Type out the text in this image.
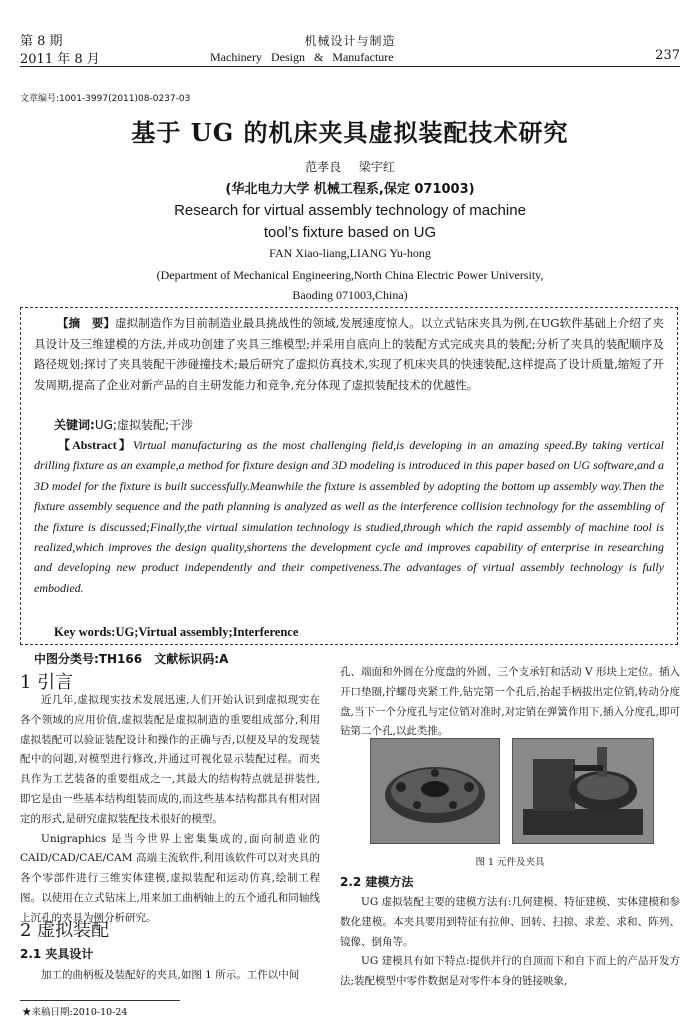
第 8 期
2011 年 8 月
机械设计与制造
Machinery Design & Manufacture	237
文章编号:1001-3997(2011)08-0237-03
基于 UG 的机床夹具虚拟装配技术研究
范孝良 梁宇红
(华北电力大学 机械工程系,保定 071003)
Research for virtual assembly technology of machine
tool’s fixture based on UG
FAN Xiao-liang,LIANG Yu-hong
(Department of Mechanical Engineering,North China Electric Power University,
Baoding 071003,China)
【摘　要】虚拟制造作为目前制造业最具挑战性的领域,发展速度惊人。以立式钻床夹具为例,在UG软件基础上介绍了夹具设计及三维建模的方法,并成功创建了夹具三维模型;并采用自底向上的装配方式完成夹具的装配;分析了夹具的装配顺序及路径规划;探讨了夹具装配干涉碰撞技术;最后研究了虚拟仿真技术,实现了机床夹具的快速装配,这样提高了设计质量,缩短了开发周期,提高了企业对新产品的自主研发能力和竞争,充分体现了虚拟装配技术的优越性。
关键词:UG;虚拟装配;干涉
【Abstract】Virtual manufacturing as the most challenging field,is developing in an amazing speed.By taking vertical drilling fixture as an example,a method for fixture design and 3D modeling is introduced in this paper based on UG software,and a 3D model for the fixture is built successfully.Meanwhile the fixture is assembled by adopting the bottom up assembly way.Then the fixture assembly sequence and the path planning is analyzed as well as the interference collision technology for the assembling of the fixture is discussed;Finally,the virtual simulation technology is studied,through which the rapid assembly of machine tool is realized,which improves the design quality,shortens the development cycle and improves capability of enterprise in researching and developing new product independently and their competiveness.The advantages of virtual assembly technology is fully embodied.
Key words:UG;Virtual assembly;Interference
中图分类号:TH166 文献标识码:A
1 引言

近几年,虚拟现实技术发展迅速,人们开始认识到虚拟现实在各个领域的应用价值,虚拟装配是虚拟制造的重要组成部分,利用虚拟装配可以验证装配设计和操作的正确与否,以便及早的发现装配中的问题,对模型进行修改,并通过可视化显示装配过程。而夹具作为工艺装备的重要组成之一,其最大的结构特点就是拼装性,即它是由一些基本结构组装而成的,而这些基本结构都具有相对固定的形式,是研究虚拟装配技术很好的模型。

Unigraphics 是当今世界上密集集成的,面向制造业的 CAID/CAD/CAE/CAM 高端主流软件,利用该软件可以对夹具的各个零部件进行三维实体建模,虚拟装配和运动仿真,绘制工程图。以使用在立式钻床上,用来加工曲柄轴上的五个通孔和同轴线上沉孔的夹具为例分析研究。

2 虚拟装配
2.1 夹具设计

加工的曲柄板及装配好的夹具,如图 1 所示。工件以中间

孔、端面和外圆在分度盘的外圆、三个支承钉和活动 V 形块上定位。插入开口垫圈,拧螺母夹紧工件,钻完第一个孔后,抬起手柄拔出定位销,转动分度盘,当下一个分度孔与定位销对准时,对定销在弹簧作用下,插入分度孔,即可钻第二个孔,以此类推。

图 1 元件及夹具
2.2 建模方法

UG 虚拟装配主要的建模方法有:几何建模、特征建模、实体建模和参数化建模。本夹具要用到特征有拉伸、回转、扫掠、求差、求和、阵列、镜像、倒角等。

UG 建模具有如下特点:提供并行的自顶而下和自下而上的产品开发方法;装配模型中零件数据是对零件本身的链接映象,

★来稿日期:2010-10-24
